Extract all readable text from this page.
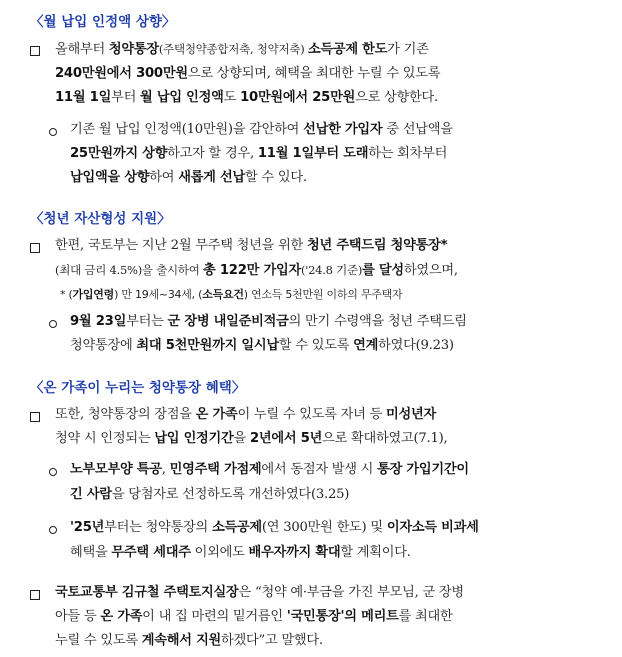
〈월 납입 인정액 상향〉
올해부터 청약통장(주택청약종합저축, 청약저축) 소득공제 한도가 기존
240만원에서 300만원으로 상향되며, 혜택을 최대한 누릴 수 있도록
11월 1일부터 월 납입 인정액도 10만원에서 25만원으로 상향한다.
기존 월 납입 인정액(10만원)을 감안하여 선납한 가입자 중 선납액을
25만원까지 상향하고자 할 경우, 11월 1일부터 도래하는 회차부터
납입액을 상향하여 새롭게 선납할 수 있다.
〈청년 자산형성 지원〉
한편, 국토부는 지난 2월 무주택 청년을 위한 청년 주택드림 청약통장*
(최대 금리 4.5%)을 출시하여 총 122만 가입자('24.8 기준)를 달성하였으며,
* (가입연령) 만 19세~34세, (소득요건) 연소득 5천만원 이하의 무주택자
9월 23일부터는 군 장병 내일준비적금의 만기 수령액을 청년 주택드림
청약통장에 최대 5천만원까지 일시납할 수 있도록 연계하였다(9.23)
〈온 가족이 누리는 청약통장 혜택〉
또한, 청약통장의 장점을 온 가족이 누릴 수 있도록 자녀 등 미성년자
청약 시 인정되는 납입 인정기간을 2년에서 5년으로 확대하였고(7.1),
노부모부양 특공, 민영주택 가점제에서 동점자 발생 시 통장 가입기간이
긴 사람을 당첨자로 선정하도록 개선하였다(3.25)
'25년부터는 청약통장의 소득공제(연 300만원 한도) 및 이자소득 비과세
혜택을 무주택 세대주 이외에도 배우자까지 확대할 계획이다.
국토교통부 김규철 주택토지실장은 “청약 예·부금을 가진 부모님, 군 장병
아들 등 온 가족이 내 집 마련의 밑거름인 '국민통장'의 메리트를 최대한
누릴 수 있도록 계속해서 지원하겠다”고 말했다.
